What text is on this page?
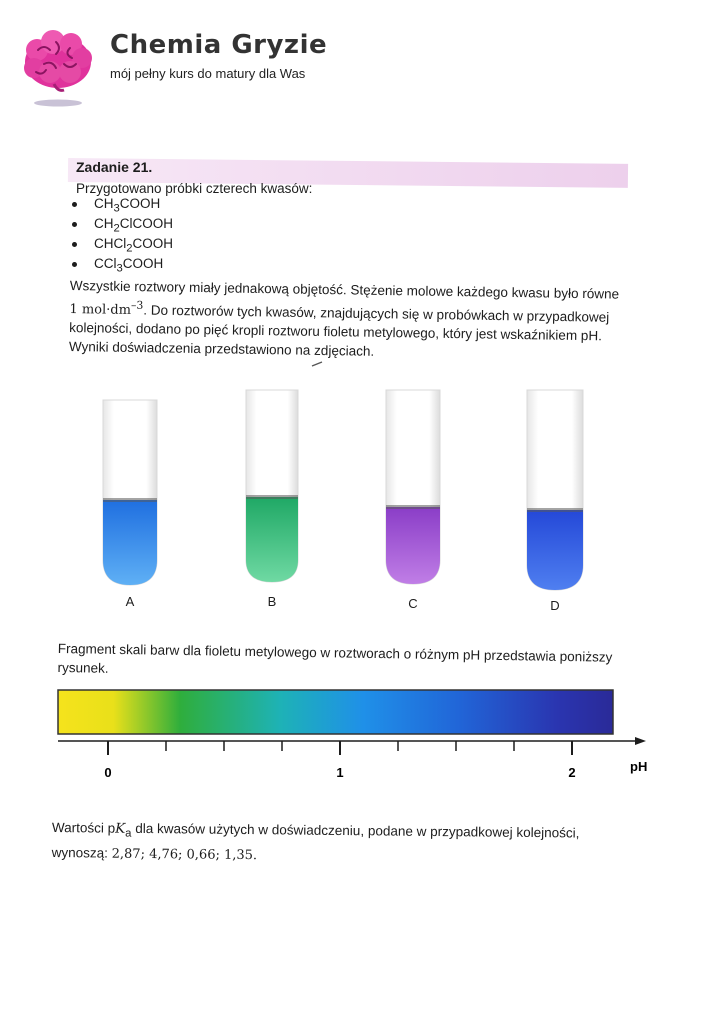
Chemia Gryzie
mój pełny kurs do matury dla Was
Zadanie 21.
Przygotowano próbki czterech kwasów:
$CH_3COOH$
$CH_2ClCOOH$
CHCl$_2$COOH
CCl$_3$COOH
Wszystkie roztwory miały jednakową objętość. Stężenie molowe każdego kwasu było równe
1 $mol\cdot dm^{-3}$. Do roztworów tych kwasów, znajdujących się w probówkach w przypadkowej kolejności, dodano po pięć kropli roztworu fioletu metylowego, który jest wskaźnikiem pH. Wyniki doświadczenia przedstawiono na zdjęciach.
A	B	C	D
Fragment skali barw dla fioletu metylowego w roztworach o różnym pH przedstawia poniższy rysunek.
0	1	2	pH
Wartości $pK_a$ dla kwasów użytych w doświadczeniu, podane w przypadkowej kolejności,
wynoszą: 2,87; 4,76; 0,66; 1,35.
